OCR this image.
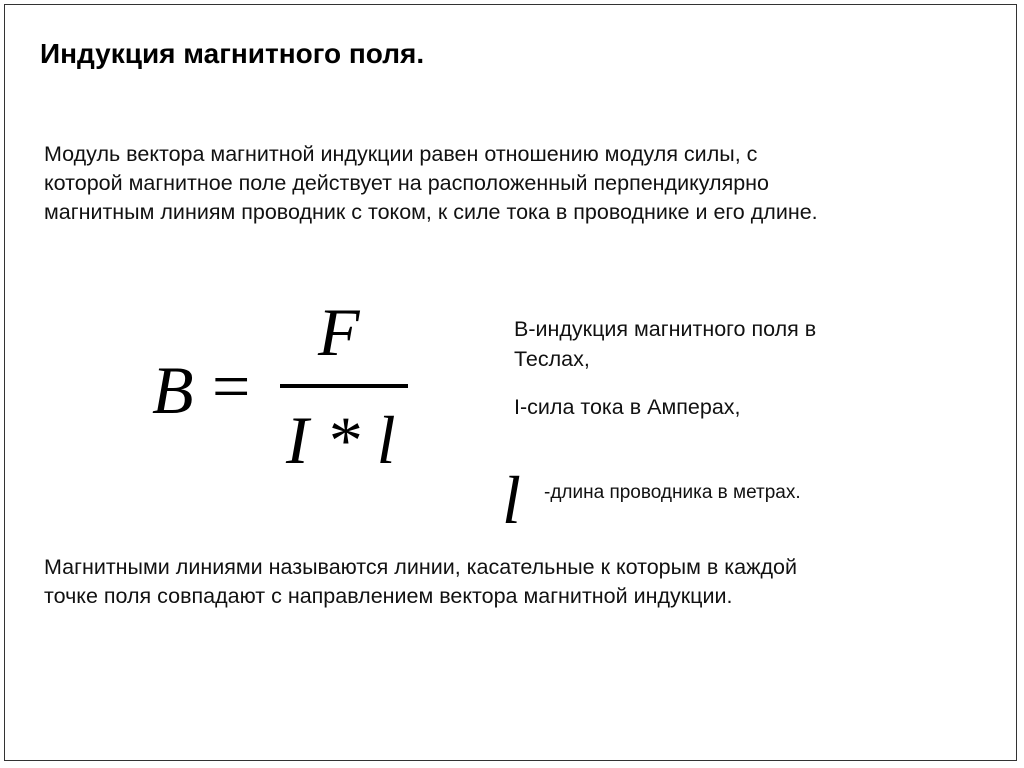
Индукция магнитного поля.
Модуль вектора магнитной индукции равен отношению модуля силы, с
которой магнитное поле действует на расположенный перпендикулярно
магнитным линиям проводник с током, к силе тока в проводнике и его длине.
B =
F
I * l
В-индукция магнитного поля в
Теслах,
I-сила тока в Амперах,
l -длина проводника в метрах.
Магнитными линиями называются линии, касательные к которым в каждой
точке поля совпадают с направлением вектора магнитной индукции.
